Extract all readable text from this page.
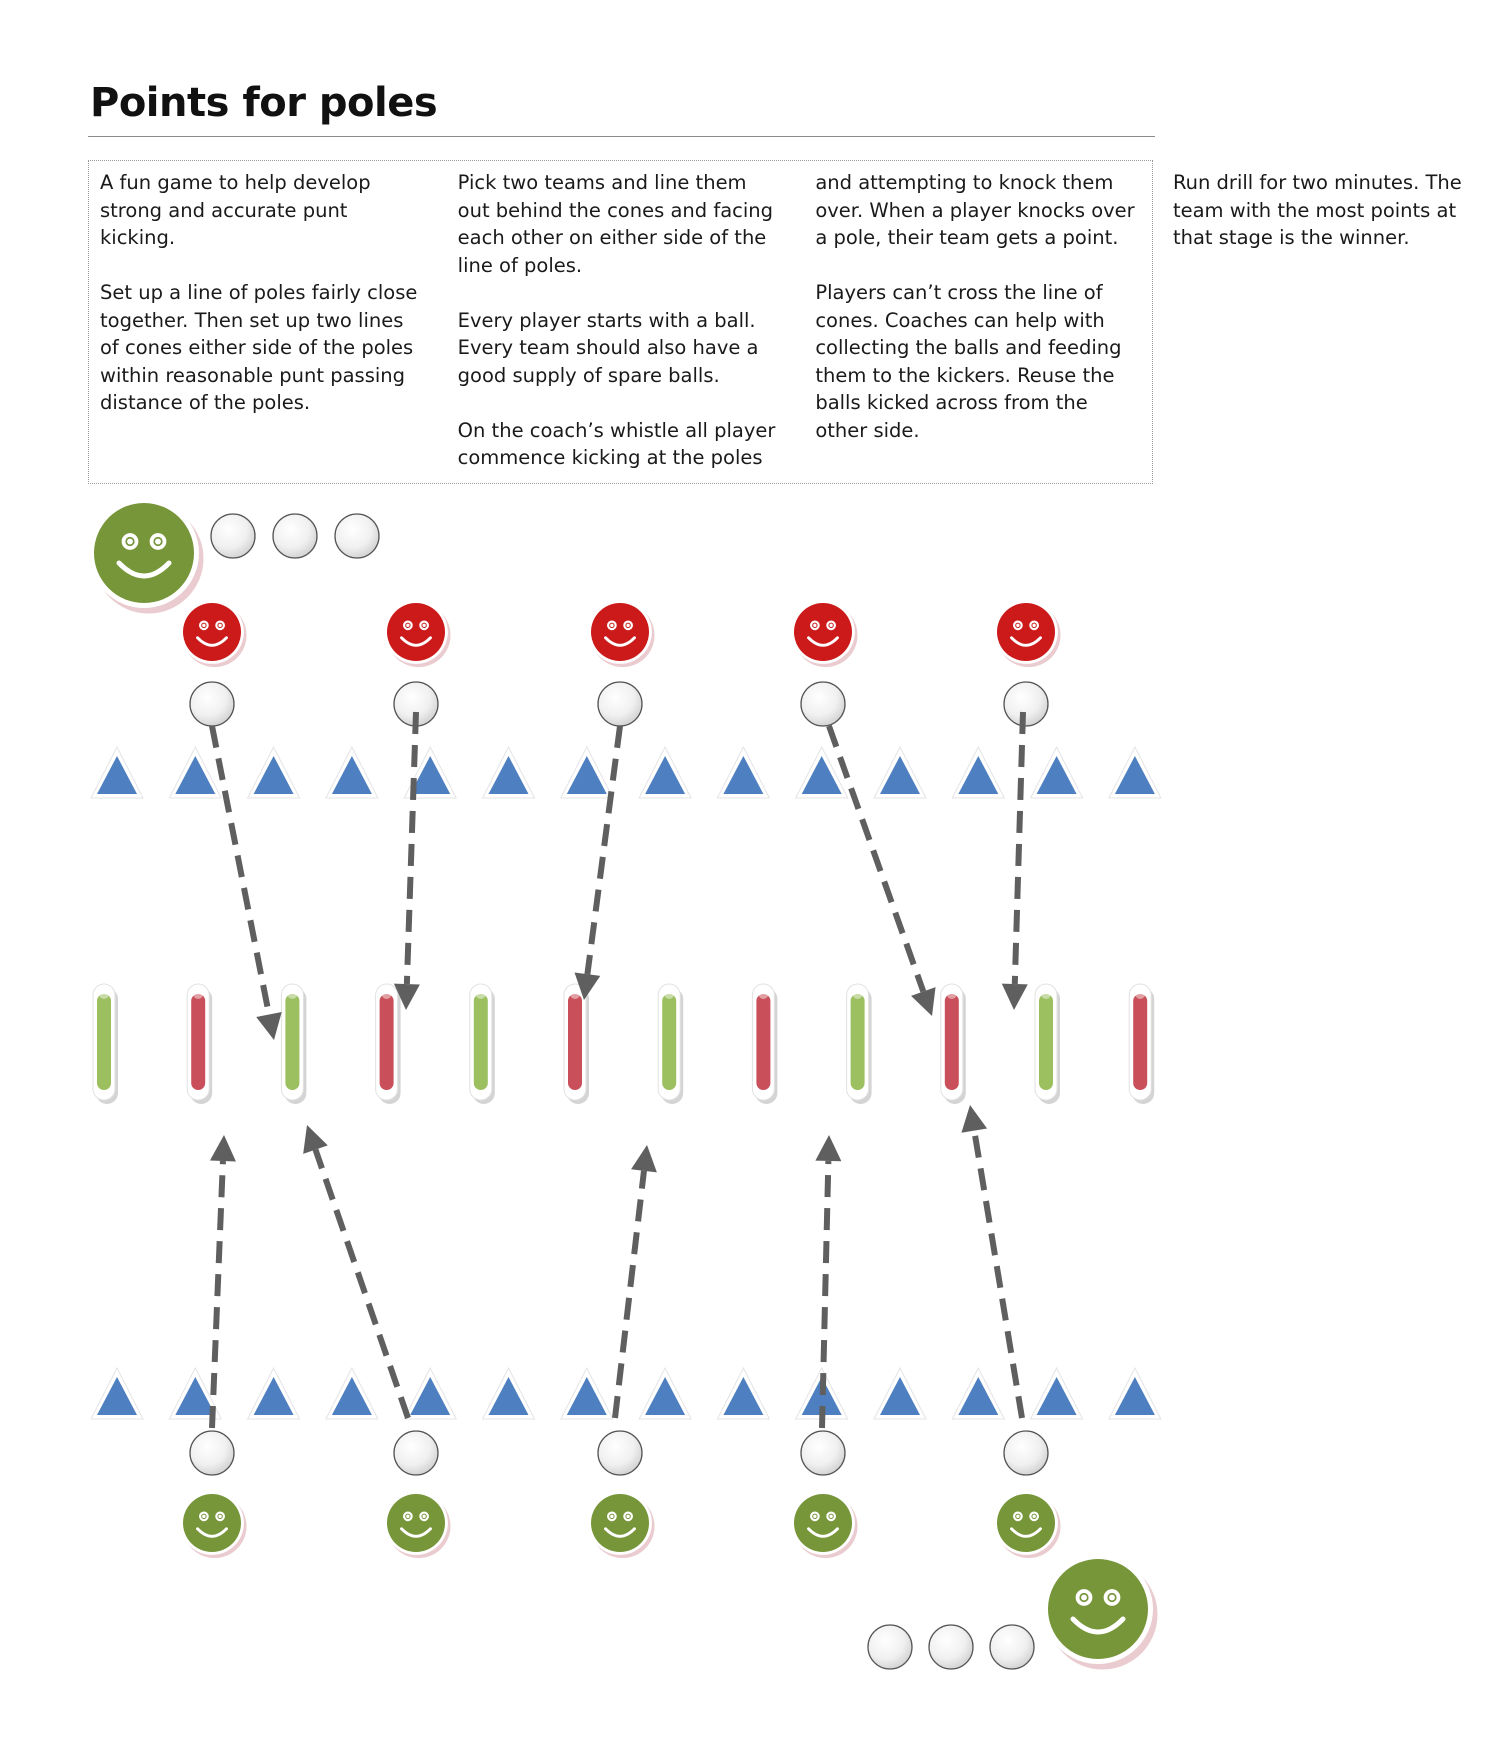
Points for poles

A fun game to help develop strong and accurate punt kicking.

Set up a line of poles fairly close together. Then set up two lines of cones either side of the poles within reasonable punt passing distance of the poles.

Pick two teams and line them out behind the cones and facing each other on either side of the line of poles.

Every player starts with a ball. Every team should also have a good supply of spare balls.

On the coach’s whistle all player commence kicking at the poles and attempting to knock them over. When a player knocks over a pole, their team gets a point.

Players can’t cross the line of cones. Coaches can help with collecting the balls and feeding them to the kickers. Reuse the balls kicked across from the other side.

Run drill for two minutes. The team with the most points at that stage is the winner.
